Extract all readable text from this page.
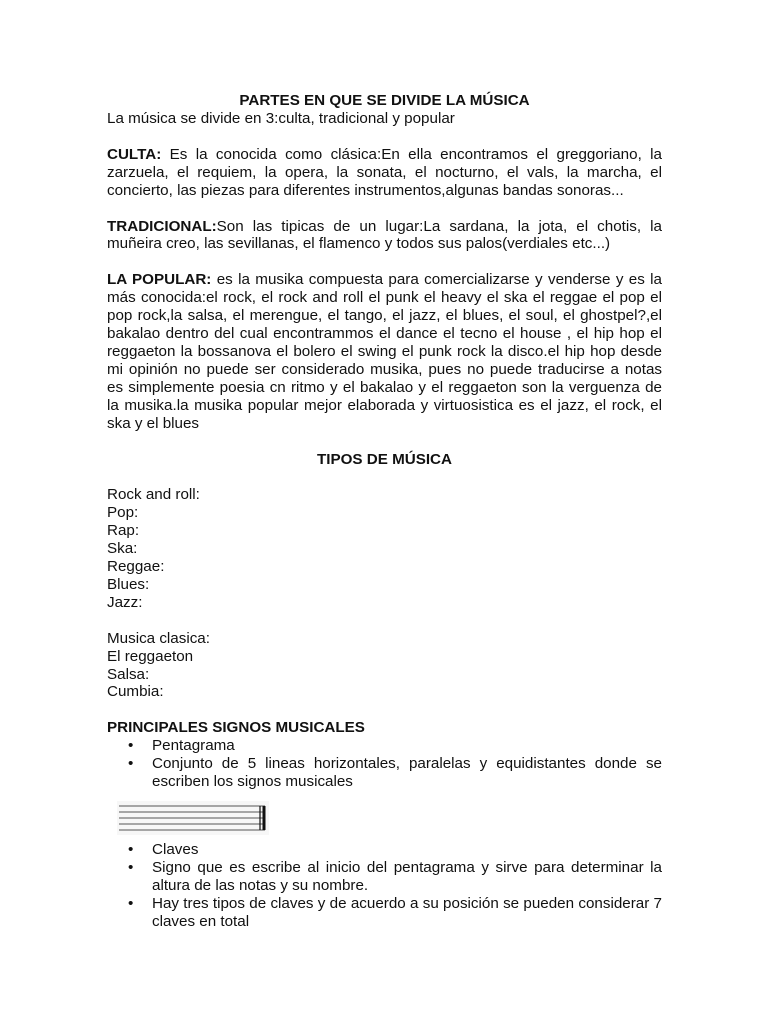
PARTES EN QUE SE DIVIDE LA MÚSICA

La música se divide en 3:culta, tradicional y popular

CULTA: Es la conocida como clásica:En ella encontramos el greggoriano, la zarzuela, el requiem, la opera, la sonata, el nocturno, el vals, la marcha, el concierto, las piezas para diferentes instrumentos,algunas bandas sonoras...

TRADICIONAL:Son las tipicas de un lugar:La sardana, la jota, el chotis, la muñeira creo, las sevillanas, el flamenco y todos sus palos(verdiales etc...)

LA POPULAR: es la musika compuesta para comercializarse y venderse y es la más conocida:el rock, el rock and roll el punk el heavy el ska el reggae el pop el pop rock,la salsa, el merengue, el tango, el jazz, el blues, el soul, el ghostpel?,el bakalao dentro del cual encontrammos el dance el tecno el house , el hip hop el reggaeton la bossanova el bolero el swing el punk rock la disco.el hip hop desde mi opinión no puede ser considerado musika, pues no puede traducirse a notas es simplemente poesia cn ritmo y el bakalao y el reggaeton son la verguenza de la musika.la musika popular mejor elaborada y virtuosistica es el jazz, el rock, el ska y el blues

TIPOS DE MÚSICA

Rock and roll:
Pop:
Rap:
Ska:
Reggae:
Blues:
Jazz:
Musica clasica:
El reggaeton
Salsa:
Cumbia:

PRINCIPALES SIGNOS MUSICALES

• Pentagrama
• Conjunto de 5 lineas horizontales, paralelas y equidistantes donde se escriben los signos musicales
• Claves
• Signo que es escribe al inicio del pentagrama y sirve para determinar la altura de las notas y su nombre.
• Hay tres tipos de claves y de acuerdo a su posición se pueden considerar 7 claves en total
